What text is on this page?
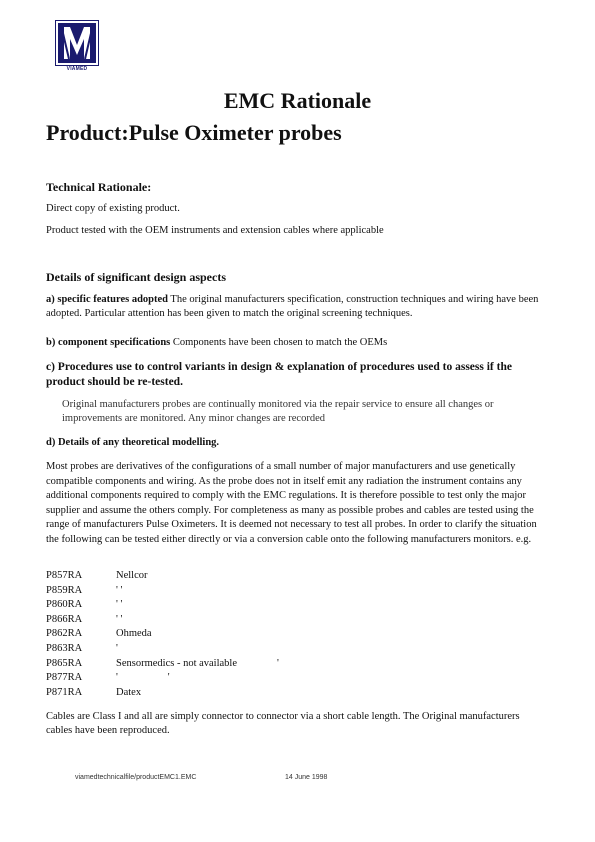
VIAMED
EMC Rationale
Product:Pulse Oximeter probes
Technical Rationale:
Direct copy of existing product.
Product tested with the OEM instruments and extension cables where applicable
Details of significant design aspects
a) specific features adopted The original manufacturers specification, construction techniques and wiring have been adopted. Particular attention has been given to match the original screening techniques.
b) component specifications Components have been chosen to match the OEMs
c) Procedures use to control variants in design & explanation of procedures used to assess if the product should be re-tested.
Original manufacturers probes are continually monitored via the repair service to ensure all changes or improvements are monitored. Any minor changes are recorded
d) Details of any theoretical modelling.
Most probes are derivatives of the configurations of a small number of major manufacturers and use genetically compatible components and wiring. As the probe does not in itself emit any radiation the instrument contains any additional components required to comply with the EMC regulations. It is therefore possible to test only the major supplier and assume the others comply. For completeness as many as possible probes and cables are tested using the range of manufacturers Pulse Oximeters. It is deemed not necessary to test all probes. In order to clarify the situation the following can be tested either directly or via a conversion cable onto the following manufacturers monitors. e.g.
P857RA	Nellcor
P859RA	' '
P860RA	' '
P866RA	' '
P862RA	Ohmeda
P863RA	'
P865RA	Sensormedics - not available '
P877RA	'                   '
P871RA	Datex
Cables are Class I and all are simply connector to connector via a short cable length. The Original manufacturers cables have been reproduced.
viamedtechnicalfile/productEMC1.EMC	14 June 1998
